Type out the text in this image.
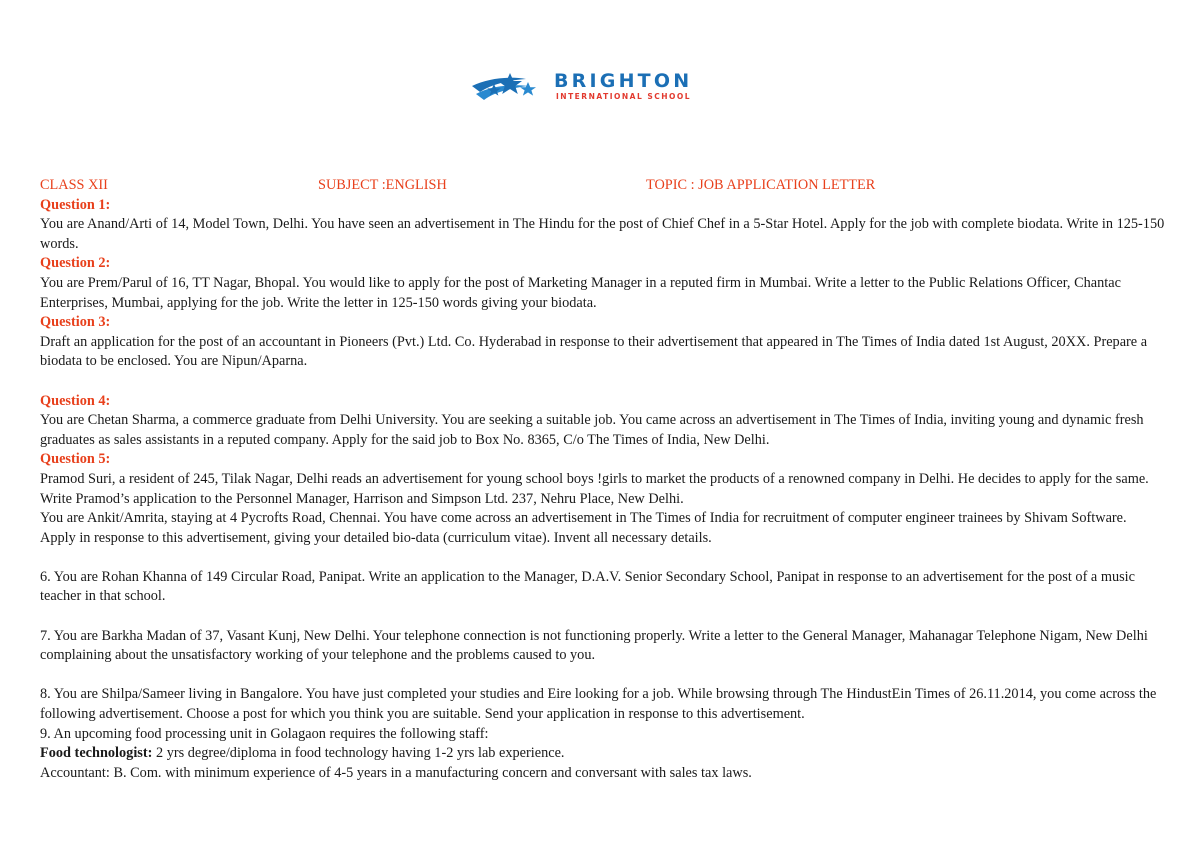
BRIGHTON
INTERNATIONAL SCHOOL
CLASS XII	SUBJECT :ENGLISH	TOPIC : JOB APPLICATION LETTER
Question 1:

You are Anand/Arti of 14, Model Town, Delhi. You have seen an advertisement in The Hindu for the post of Chief Chef in a 5-Star Hotel. Apply for the job with complete biodata. Write in 125-150 words.

Question 2:

You are Prem/Parul of 16, TT Nagar, Bhopal. You would like to apply for the post of Marketing Manager in a reputed firm in Mumbai. Write a letter to the Public Relations Officer, Chantac Enterprises, Mumbai, applying for the job. Write the letter in 125-150 words giving your biodata.

Question 3:

Draft an application for the post of an accountant in Pioneers (Pvt.) Ltd. Co. Hyderabad in response to their advertisement that appeared in The Times of India dated 1st August, 20XX. Prepare a biodata to be enclosed. You are Nipun/Aparna.

Question 4:

You are Chetan Sharma, a commerce graduate from Delhi University. You are seeking a suitable job. You came across an advertisement in The Times of India, inviting young and dynamic fresh graduates as sales assistants in a reputed company. Apply for the said job to Box No. 8365, C/o The Times of India, New Delhi.

Question 5:

Pramod Suri, a resident of 245, Tilak Nagar, Delhi reads an advertisement for young school boys !girls to market the products of a renowned company in Delhi. He decides to apply for the same. Write Pramod’s application to the Personnel Manager, Harrison and Simpson Ltd. 237, Nehru Place, New Delhi.

You are Ankit/Amrita, staying at 4 Pycrofts Road, Chennai. You have come across an advertisement in The Times of India for recruitment of computer engineer trainees by Shivam Software. Apply in response to this advertisement, giving your detailed bio-data (curriculum vitae). Invent all necessary details.

6. You are Rohan Khanna of 149 Circular Road, Panipat. Write an application to the Manager, D.A.V. Senior Secondary School, Panipat in response to an advertisement for the post of a music teacher in that school.

7. You are Barkha Madan of 37, Vasant Kunj, New Delhi. Your telephone connection is not functioning properly. Write a letter to the General Manager, Mahanagar Telephone Nigam, New Delhi complaining about the unsatisfactory working of your telephone and the problems caused to you.

8. You are Shilpa/Sameer living in Bangalore. You have just completed your studies and Eire looking for a job. While browsing through The HindustEin Times of 26.11.2014, you come across the following advertisement. Choose a post for which you think you are suitable. Send your application in response to this advertisement.

9. An upcoming food processing unit in Golagaon requires the following staff:

Food technologist: 2 yrs degree/diploma in food technology having 1-2 yrs lab experience.

Accountant: B. Com. with minimum experience of 4-5 years in a manufacturing concern and conversant with sales tax laws.
